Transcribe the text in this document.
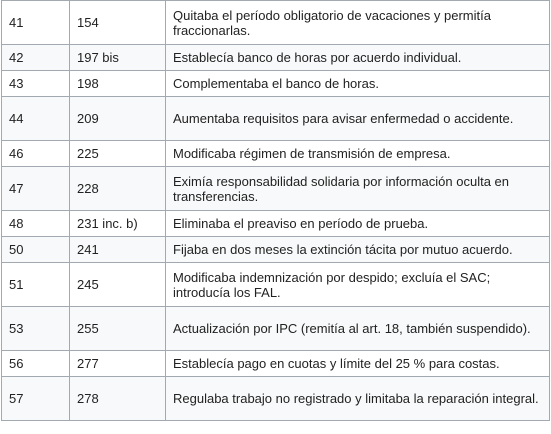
41	154	Quitaba el período obligatorio de vacaciones y permitía fraccionarlas.
42	197 bis	Establecía banco de horas por acuerdo individual.
43	198	Complementaba el banco de horas.
44	209	Aumentaba requisitos para avisar enfermedad o accidente.
46	225	Modificaba régimen de transmisión de empresa.
47	228	Eximía responsabilidad solidaria por información oculta en transferencias.
48	231 inc. b)	Eliminaba el preaviso en período de prueba.
50	241	Fijaba en dos meses la extinción tácita por mutuo acuerdo.
51	245	Modificaba indemnización por despido; excluía el SAC; introducía los FAL.
53	255	Actualización por IPC (remitía al art. 18, también suspendido).
56	277	Establecía pago en cuotas y límite del 25 % para costas.
57	278	Regulaba trabajo no registrado y limitaba la reparación integral.
